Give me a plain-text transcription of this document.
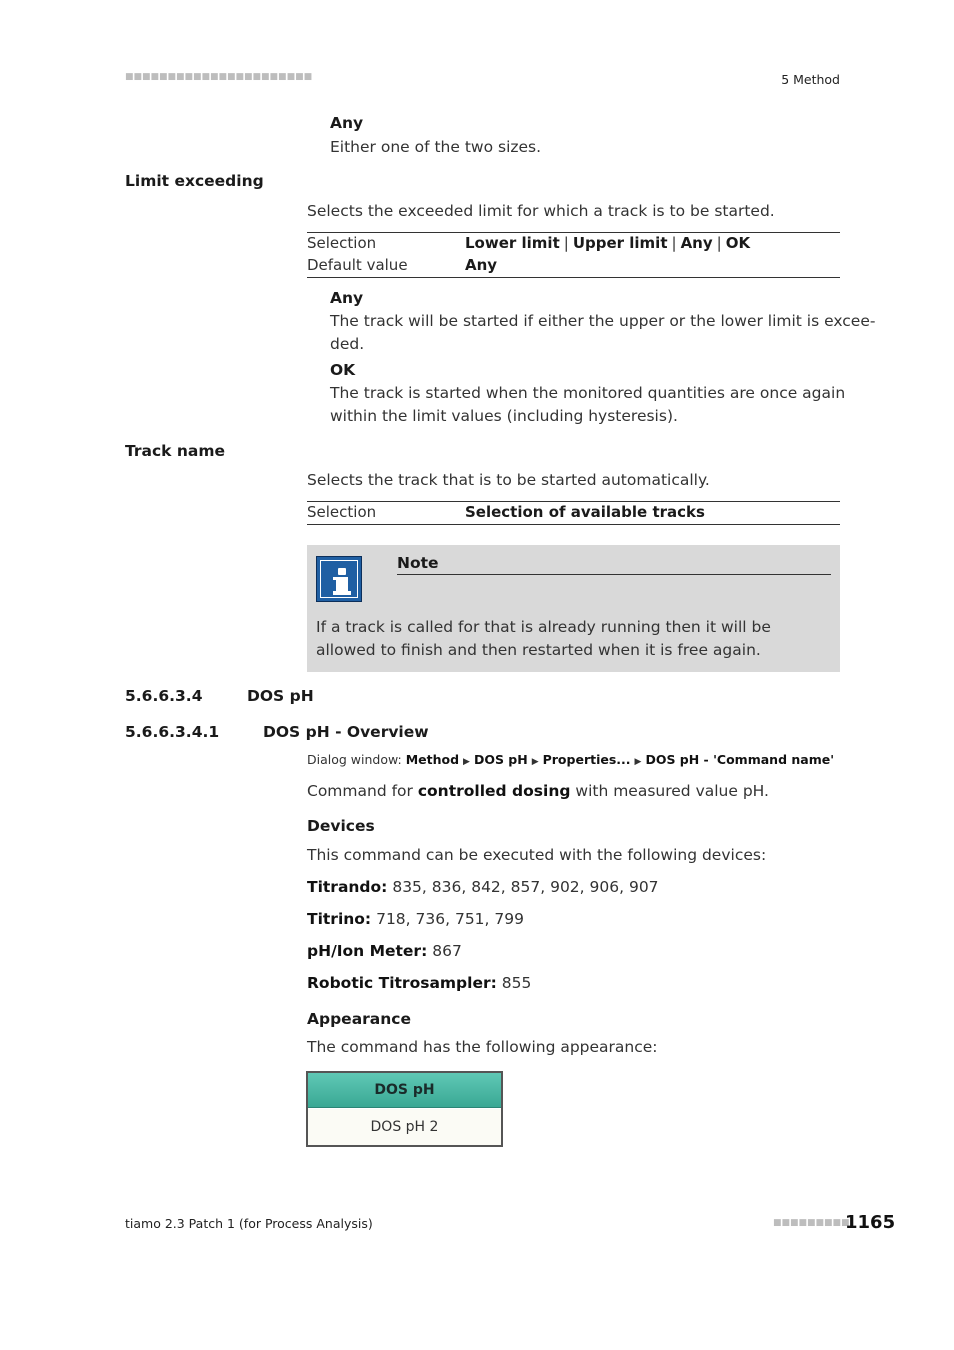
■■■■■■■■■■■■■■■■■■■■■■	5 Method
Any
Either one of the two sizes.
Limit exceeding
Selects the exceeded limit for which a track is to be started.
Selection	Lower limit | Upper limit | Any | OK
Default value	Any
Any
The track will be started if either the upper or the lower limit is excee-
ded.
OK
The track is started when the monitored quantities are once again
within the limit values (including hysteresis).
Track name
Selects the track that is to be started automatically.
Selection	Selection of available tracks
Note
If a track is called for that is already running then it will be allowed to finish and then restarted when it is free again.
5.6.6.3.4	DOS pH
5.6.6.3.4.1	DOS pH - Overview
Dialog window: Method ▶ DOS pH ▶ Properties... ▶ DOS pH - 'Command name'
Command for controlled dosing with measured value pH.
Devices
This command can be executed with the following devices:
Titrando: 835, 836, 842, 857, 902, 906, 907
Titrino: 718, 736, 751, 799
pH/Ion Meter: 867
Robotic Titrosampler: 855
Appearance
The command has the following appearance:
DOS pH
DOS pH 2
tiamo 2.3 Patch 1 (for Process Analysis)	■■■■■■■■■
1165
